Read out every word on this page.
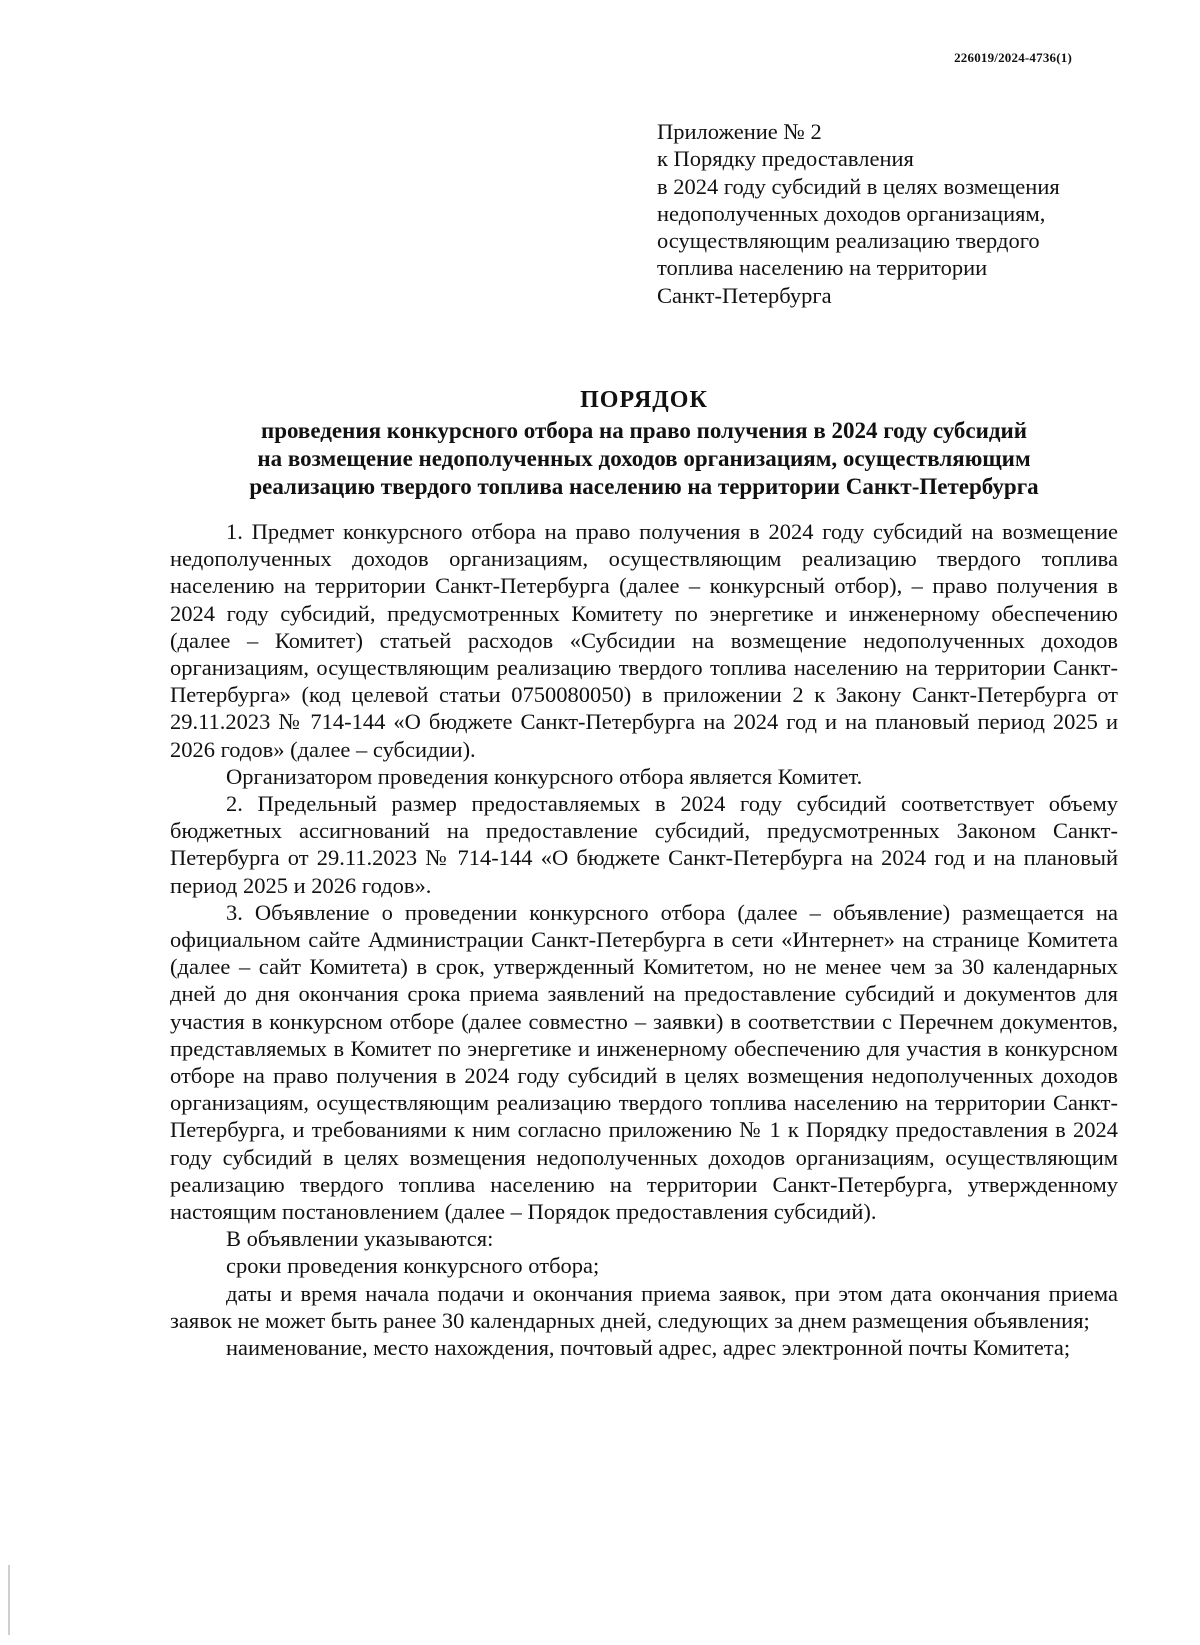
226019/2024-4736(1)
Приложение № 2
к Порядку предоставления
в 2024 году субсидий в целях возмещения
недополученных доходов организациям,
осуществляющим реализацию твердого
топлива населению на территории
Санкт-Петербурга
ПОРЯДОК
проведения конкурсного отбора на право получения в 2024 году субсидий
на возмещение недополученных доходов организациям, осуществляющим
реализацию твердого топлива населению на территории Санкт-Петербурга

1. Предмет конкурсного отбора на право получения в 2024 году субсидий на возмещение недополученных доходов организациям, осуществляющим реализацию твердого топлива населению на территории Санкт-Петербурга (далее – конкурсный отбор), – право получения в 2024 году субсидий, предусмотренных Комитету по энергетике и инженерному обеспечению (далее – Комитет) статьей расходов «Субсидии на возмещение недополученных доходов организациям, осуществляющим реализацию твердого топлива населению на территории Санкт-Петербурга» (код целевой статьи 0750080050) в приложении 2 к Закону Санкт-Петербурга от 29.11.2023 № 714-144 «О бюджете Санкт-Петербурга на 2024 год и на плановый период 2025 и 2026 годов» (далее – субсидии).

Организатором проведения конкурсного отбора является Комитет.

2. Предельный размер предоставляемых в 2024 году субсидий соответствует объему бюджетных ассигнований на предоставление субсидий, предусмотренных Законом Санкт-Петербурга от 29.11.2023 № 714-144 «О бюджете Санкт-Петербурга на 2024 год и на плановый период 2025 и 2026 годов».

3. Объявление о проведении конкурсного отбора (далее – объявление) размещается на официальном сайте Администрации Санкт-Петербурга в сети «Интернет» на странице Комитета (далее – сайт Комитета) в срок, утвержденный Комитетом, но не менее чем за 30 календарных дней до дня окончания срока приема заявлений на предоставление субсидий и документов для участия в конкурсном отборе (далее совместно – заявки) в соответствии с Перечнем документов, представляемых в Комитет по энергетике и инженерному обеспечению для участия в конкурсном отборе на право получения в 2024 году субсидий в целях возмещения недополученных доходов организациям, осуществляющим реализацию твердого топлива населению на территории Санкт-Петербурга, и требованиями к ним согласно приложению № 1 к Порядку предоставления в 2024 году субсидий в целях возмещения недополученных доходов организациям, осуществляющим реализацию твердого топлива населению на территории Санкт-Петербурга, утвержденному настоящим постановлением (далее – Порядок предоставления субсидий).

В объявлении указываются:

сроки проведения конкурсного отбора;

даты и время начала подачи и окончания приема заявок, при этом дата окончания приема заявок не может быть ранее 30 календарных дней, следующих за днем размещения объявления;

наименование, место нахождения, почтовый адрес, адрес электронной почты Комитета;
